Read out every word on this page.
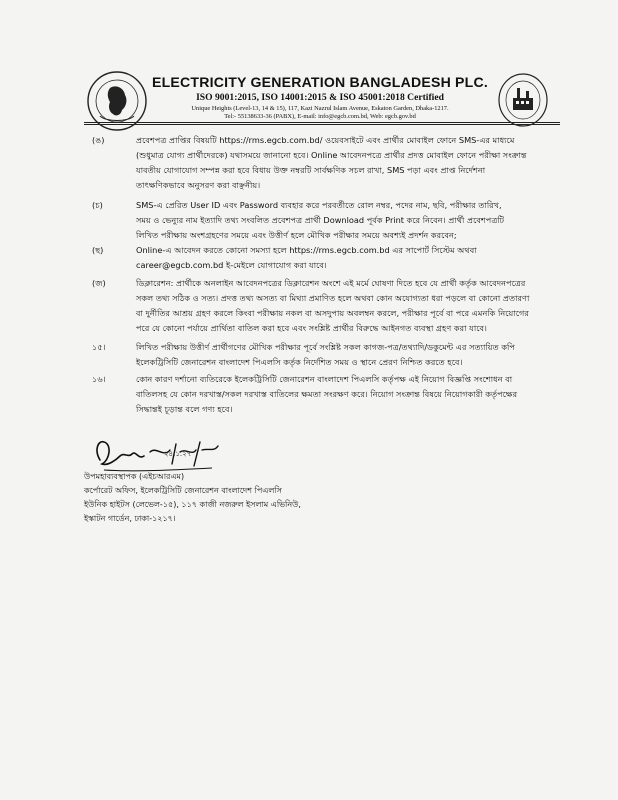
ELECTRICITY GENERATION BANGLADESH PLC.
ISO 9001:2015, ISO 14001:2015 & ISO 45001:2018 Certified
Unique Heights (Level-13, 14 & 15), 117, Kazi Nazrul Islam Avenue, Eskaton Garden, Dhaka-1217.
Tel:- 55138633-36 (PABX), E-mail: info@egcb.com.bd, Web: egcb.gov.bd
(ঙ)	প্রবেশপত্র প্রাপ্তির বিষয়টি https://rms.egcb.com.bd/ ওয়েবসাইটে এবং প্রার্থীর মোবাইল ফোনে SMS-এর মাধ্যমে
(শুধুমাত্র যোগ্য প্রার্থীদেরকে) যথাসময়ে জানানো হবে। Online আবেদনপত্রে প্রার্থীর প্রদত্ত মোবাইল ফোনে পরীক্ষা সংক্রান্ত
যাবতীয় যোগাযোগ সম্পন্ন করা হবে বিধায় উক্ত নম্বরটি সার্বক্ষণিক সচল রাখা, SMS পড়া এবং প্রাপ্ত নির্দেশনা
তাৎক্ষণিকভাবে অনুসরণ করা বাঞ্ছনীয়।
(চ)	SMS-এ প্রেরিত User ID এবং Password ব্যবহার করে পরবর্তীতে রোল নম্বর, পদের নাম, ছবি, পরীক্ষার তারিখ,
সময় ও ভেন্যুর নাম ইত্যাদি তথ্য সংবলিত প্রবেশপত্র প্রার্থী Download পূর্বক Print করে নিবেন। প্রার্থী প্রবেশপত্রটি
লিখিত পরীক্ষায় অংশগ্রহণের সময়ে এবং উত্তীর্ণ হলে মৌখিক পরীক্ষার সময়ে অবশ্যই প্রদর্শন করবেন;
(ছ)	Online-এ আবেদন করতে কোনো সমস্যা হলে https://rms.egcb.com.bd এর সাপোর্ট সিস্টেম অথবা
career@egcb.com.bd ই-মেইলে যোগাযোগ করা যাবে।
(জ)	ডিক্লারেশন: প্রার্থীকে অনলাইন আবেদনপত্রের ডিক্লারেশন অংশে এই মর্মে ঘোষণা দিতে হবে যে প্রার্থী কর্তৃক আবেদনপত্রের
সকল তথ্য সঠিক ও সত্য। প্রদত্ত তথ্য অসত্য বা মিথ্যা প্রমাণিত হলে অথবা কোন অযোগ্যতা ধরা পড়লে বা কোনো প্রতারণা
বা দুর্নীতির আশ্রয় গ্রহণ করলে কিংবা পরীক্ষায় নকল বা অসদুপায় অবলম্বন করলে, পরীক্ষার পূর্বে বা পরে এমনকি নিয়োগের
পরে যে কোনো পর্যায়ে প্রার্থিতা বাতিল করা হবে এবং সংশ্লিষ্ট প্রার্থীর বিরুদ্ধে আইনগত ব্যবস্থা গ্রহণ করা যাবে।
১৫।	লিখিত পরীক্ষায় উত্তীর্ণ প্রার্থীগণের মৌখিক পরীক্ষার পূর্বে সংশ্লিষ্ট সকল কাগজ-পত্র/তথ্যাদি/ডকুমেন্ট এর সত্যায়িত কপি
ইলেকট্রিসিটি জেনারেশন বাংলাদেশ পিএলসি কর্তৃক নির্দেশিত সময় ও স্থানে প্রেরণ নিশ্চিত করতে হবে।
১৬।	কোন কারণ দর্শানো ব্যতিরেকে ইলেকট্রিসিটি জেনারেশন বাংলাদেশ পিএলসি কর্তৃপক্ষ এই নিয়োগ বিজ্ঞপ্তি সংশোধন বা
বাতিলসহ যে কোন দরখাস্ত/সকল দরখাস্ত বাতিলের ক্ষমতা সংরক্ষণ করে। নিয়োগ সংক্রান্ত বিষয়ে নিয়োগকারী কর্তৃপক্ষের
সিদ্ধান্তই চূড়ান্ত বলে গণ্য হবে।
২৪.১.২৭
উপমহাব্যবস্থাপক (এইচআরএম)
কর্পোরেট অফিস, ইলেকট্রিসিটি জেনারেশন বাংলাদেশ পিএলসি
ইউনিক হাইটস (লেভেল-১৫), ১১৭ কাজী নজরুল ইসলাম এভিনিউ,
ইস্কাটন গার্ডেন, ঢাকা-১২১৭।
